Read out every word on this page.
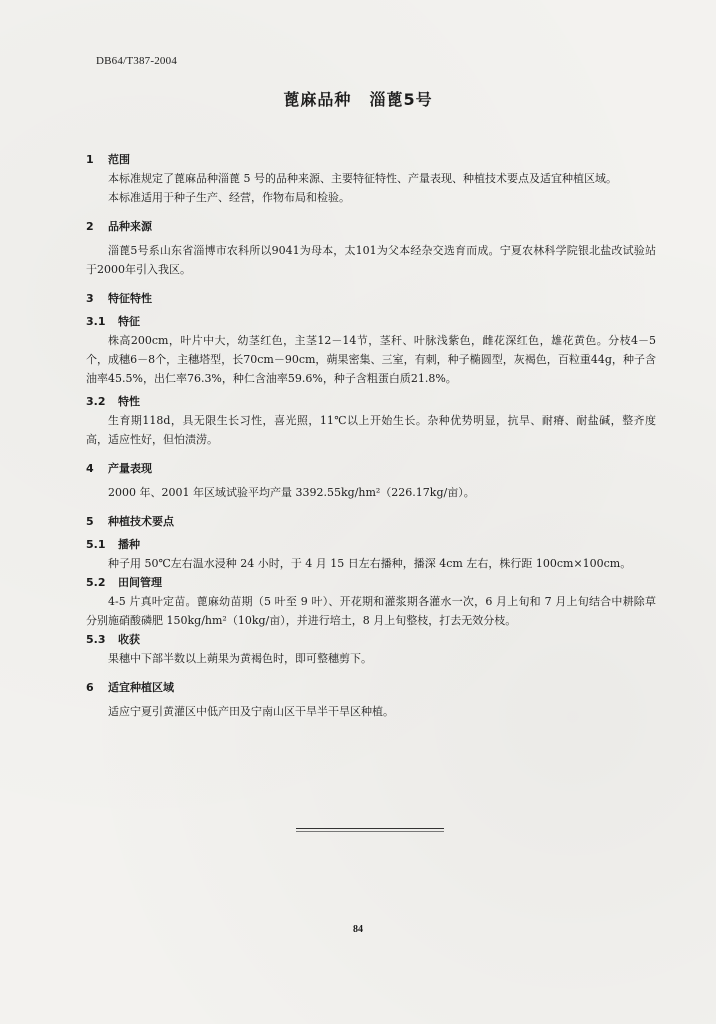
DB64/T387-2004
蓖麻品种 淄蓖5号
1 范围

本标准规定了蓖麻品种淄蓖 5 号的品种来源、主要特征特性、产量表现、种植技术要点及适宜种植区域。

本标准适用于种子生产、经营，作物布局和检验。

2 品种来源

淄蓖5号系山东省淄博市农科所以9041为母本，太101为父本经杂交选育而成。宁夏农林科学院银北盐改试验站于2000年引入我区。

3 特征特性
3.1 特征

株高200cm，叶片中大，幼茎红色，主茎12－14节，茎秆、叶脉浅紫色，雌花深红色，雄花黄色。分枝4－5个，成穗6－8个，主穗塔型，长70cm－90cm，蒴果密集、三室，有刺，种子椭圆型，灰褐色，百粒重44g，种子含油率45.5%，出仁率76.3%，种仁含油率59.6%，种子含粗蛋白质21.8%。

3.2 特性

生育期118d，具无限生长习性，喜光照，11℃以上开始生长。杂种优势明显，抗旱、耐瘠、耐盐碱，整齐度高，适应性好，但怕渍涝。

4 产量表现

2000 年、2001 年区域试验平均产量 3392.55kg/hm²（226.17kg/亩）。

5 种植技术要点
5.1 播种

种子用 50℃左右温水浸种 24 小时，于 4 月 15 日左右播种，播深 4cm 左右，株行距 100cm×100cm。

5.2 田间管理

4-5 片真叶定苗。蓖麻幼苗期（5 叶至 9 叶）、开花期和灌浆期各灌水一次，6 月上旬和 7 月上旬结合中耕除草分别施硝酸磷肥 150kg/hm²（10kg/亩），并进行培土，8 月上旬整枝，打去无效分枝。

5.3 收获

果穗中下部半数以上蒴果为黄褐色时，即可整穗剪下。

6 适宜种植区域

适应宁夏引黄灌区中低产田及宁南山区干旱半干旱区种植。

84
